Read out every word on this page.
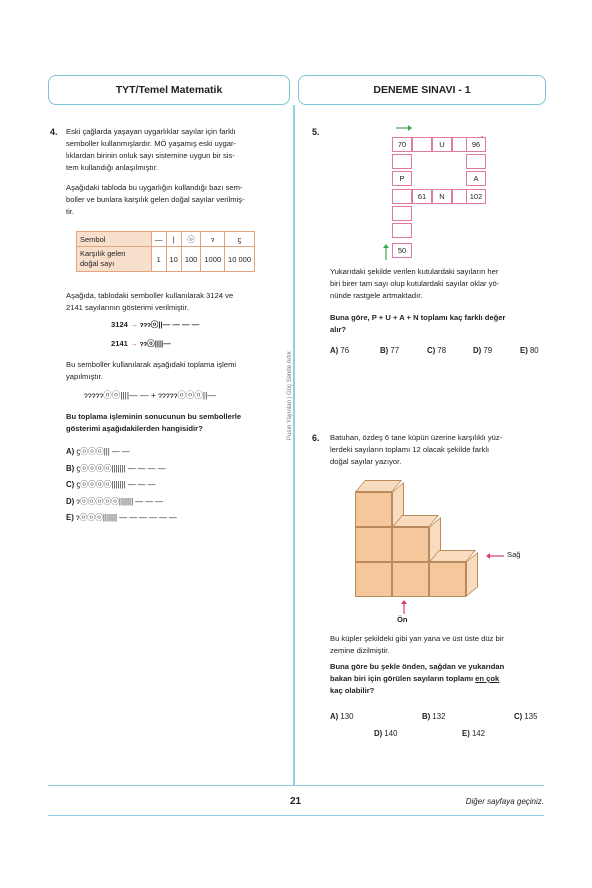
TYT/Temel Matematik	DENEME SINAVI - 1
Pusın Yayınları | Güç Sende Artık
4. Eski çağlarda yaşayan uygarlıklar sayılar için farklı
semboller kullanmışlardır. MÖ yaşamış eski uygar-
lıklardan birinin onluk sayı sistemine uygun bir sis-
tem kullandığı anlaşılmıştır.
Aşağıdaki tabloda bu uygarlığın kullandığı bazı sem-
boller ve bunlara karşılık gelen doğal sayılar verilmiş-
tir.
Sembol	—	|	ⓞ	ɂ	ϛ

Karşılık gelen
doğal sayı	1	10	100	1000	10 000
Aşağıda, tablodaki semboller kullanılarak 3124 ve
2141 sayılarının gösterimi verilmiştir.
3124 → ɂɂɂⓞ||— — — —
2141 → ɂɂⓞ||||—
Bu semboller kullanılarak aşağıdaki toplama işlemi
yapılmıştır.
ɂɂɂɂɂⓞⓞ||||— — + ɂɂɂɂɂⓞⓞⓞ||—
Bu toplama işleminin sonucunun bu sembollerle
gösterimi aşağıdakilerden hangisidir?
A) ϛⓞⓞⓞ||| — —
B) ϛⓞⓞⓞⓞ||||||| — — — —
C) ϛⓞⓞⓞⓞ||||||| — — —
D) ɂⓞⓞⓞⓞⓞ||||||| — — —
E) ɂⓞⓞⓞ||||||| — — — — — —
5.
70	U	96
P	A
61	N	102
50
Yukarıdaki şekilde verilen kutulardaki sayıların her
biri birer tam sayı olup kutulardaki sayılar oklar yö-
nünde rastgele artmaktadır.
Buna göre, P + U + A + N toplamı kaç farklı değer
alır?
A) 76	B) 77	C) 78	D) 79	E) 80
6. Batuhan, özdeş 6 tane küpün üzerine karşılıklı yüz-
lerdeki sayıların toplamı 12 olacak şekilde farklı
doğal sayılar yazıyor.
Sağ
Ön
Bu küpler şekildeki gibi yan yana ve üst üste düz bir
zemine dizilmiştir.
Buna göre bu şekle önden, sağdan ve yukarıdan
bakan biri için görülen sayıların toplamı en çok
kaç olabilir?
A) 130	B) 132	C) 135
D) 140	E) 142
21	Diğer sayfaya geçiniz.
